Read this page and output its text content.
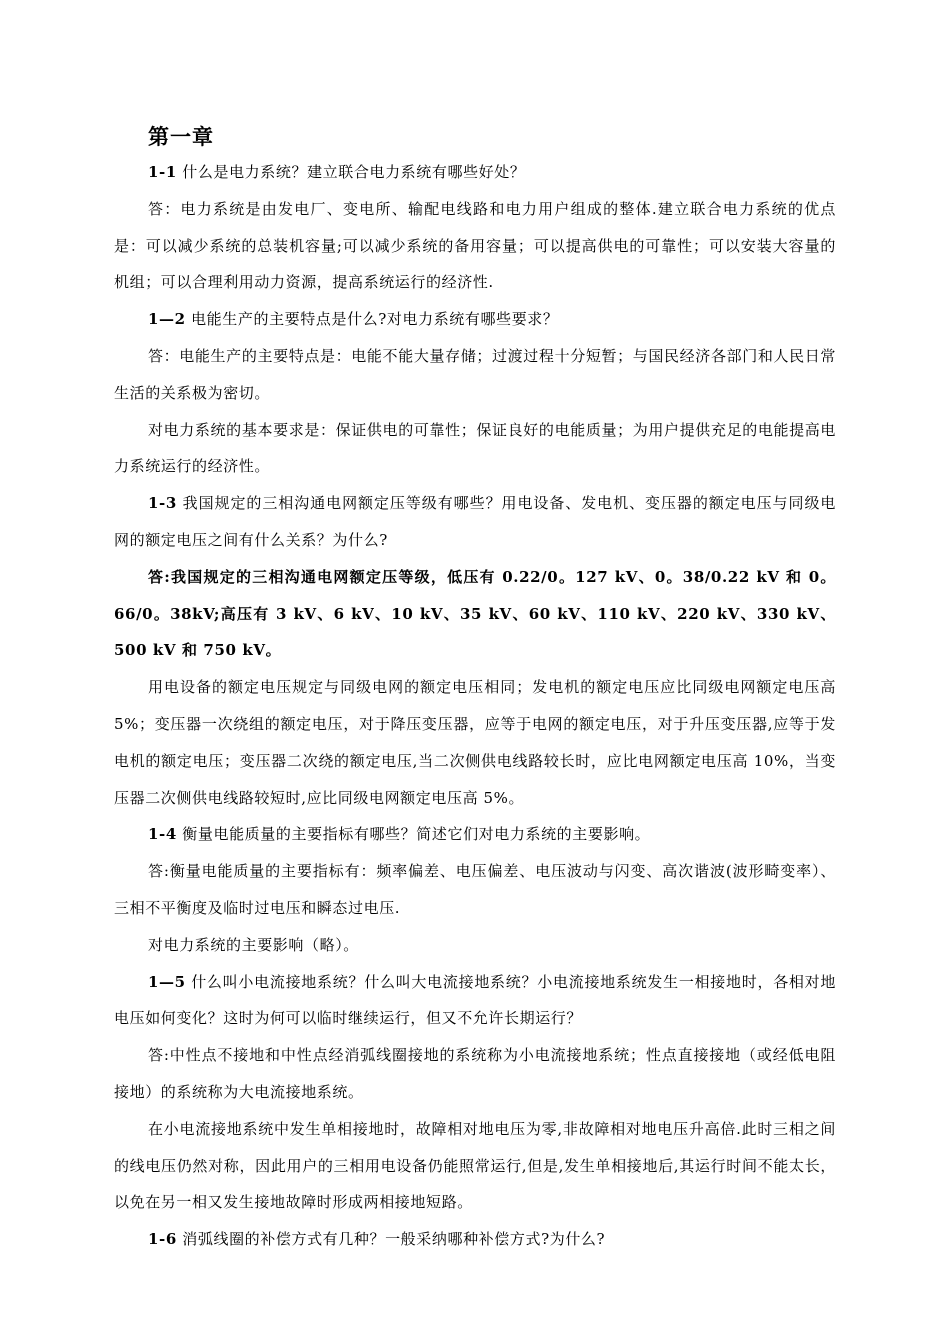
第一章

1-1 什么是电力系统？建立联合电力系统有哪些好处？

答：电力系统是由发电厂、变电所、输配电线路和电力用户组成的整体.建立联合电力系统的优点是：可以减少系统的总装机容量;可以减少系统的备用容量；可以提高供电的可靠性；可以安装大容量的机组；可以合理利用动力资源，提高系统运行的经济性.

1—2 电能生产的主要特点是什么?对电力系统有哪些要求？

答：电能生产的主要特点是：电能不能大量存储；过渡过程十分短暂；与国民经济各部门和人民日常生活的关系极为密切。

对电力系统的基本要求是：保证供电的可靠性；保证良好的电能质量；为用户提供充足的电能提高电力系统运行的经济性。

1-3 我国规定的三相沟通电网额定压等级有哪些？用电设备、发电机、变压器的额定电压与同级电网的额定电压之间有什么关系？为什么?

答:我国规定的三相沟通电网额定压等级，低压有 0.22/0。127 kV、0。38/0.22 kV 和 0。66/0。38kV;高压有 3 kV、6 kV、10 kV、35 kV、60 kV、110 kV、220 kV、330 kV、500 kV 和 750 kV。

用电设备的额定电压规定与同级电网的额定电压相同；发电机的额定电压应比同级电网额定电压高 5%；变压器一次绕组的额定电压，对于降压变压器，应等于电网的额定电压，对于升压变压器,应等于发电机的额定电压；变压器二次绕的额定电压,当二次侧供电线路较长时，应比电网额定电压高 10%，当变压器二次侧供电线路较短时,应比同级电网额定电压高 5%。

1-4 衡量电能质量的主要指标有哪些？简述它们对电力系统的主要影响。

答:衡量电能质量的主要指标有：频率偏差、电压偏差、电压波动与闪变、高次谐波(波形畸变率）、三相不平衡度及临时过电压和瞬态过电压.

对电力系统的主要影响（略）。

1—5 什么叫小电流接地系统？什么叫大电流接地系统？小电流接地系统发生一相接地时，各相对地电压如何变化？这时为何可以临时继续运行，但又不允许长期运行？

答:中性点不接地和中性点经消弧线圈接地的系统称为小电流接地系统；性点直接接地（或经低电阻接地）的系统称为大电流接地系统。

在小电流接地系统中发生单相接地时，故障相对地电压为零,非故障相对地电压升高倍.此时三相之间的线电压仍然对称，因此用户的三相用电设备仍能照常运行,但是,发生单相接地后,其运行时间不能太长，以免在另一相又发生接地故障时形成两相接地短路。

1-6 消弧线圈的补偿方式有几种？一般采纳哪种补偿方式?为什么?
